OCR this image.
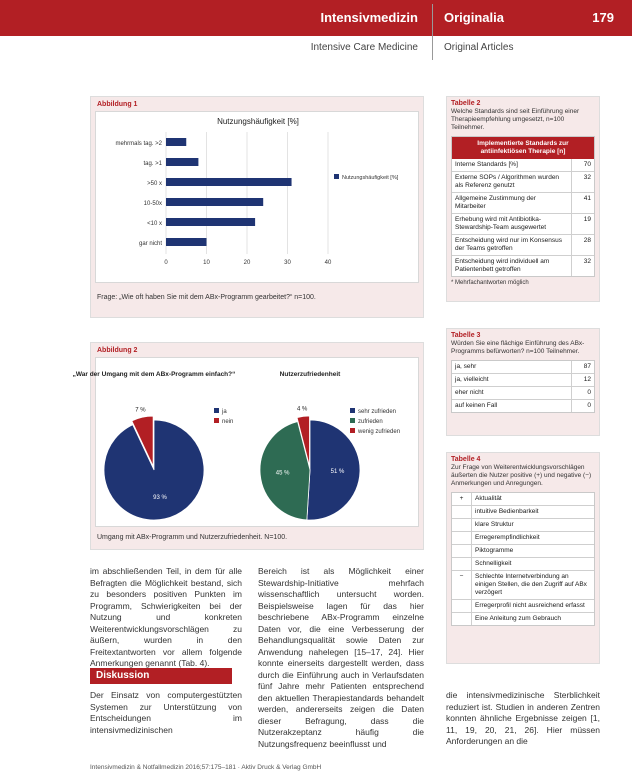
Intensivmedizin Originalia	179
Intensive Care Medicine	Original Articles
Abbildung 1
Nutzungshäufigkeit [%]
0	10	20	30	40
mehrmals tag. >2
tag. >1
>50 x
10-50x
<10 x
gar nicht
Nutzungshäufigkeit [%]
Frage: „Wie oft haben Sie mit dem ABx-Programm gearbeitet?“ n=100.
Abbildung 2
„War der Umgang mit dem ABx-Programm einfach?“
93 %
7 %	ja
nein
Nutzerzufriedenheit
51 %
45 %
4 %	sehr zufrieden
zufrieden
wenig zufrieden
Umgang mit ABx-Programm und Nutzerzufriedenheit. N=100.
Tabelle 2
Welche Standards sind seit Einführung einer Therapieempfehlung umgesetzt, n=100 Teilnehmer.
Implementierte Standards zur antiinfektiösen Therapie [n]
Interne Standards [%]	70
Externe SOPs / Algorithmen wurden als Referenz genutzt
32
Allgemeine Zustimmung der Mitarbeiter
41
Erhebung wird mit Antibiotika-Stewardship-Team ausgewertet
19
Entscheidung wird nur im Konsensus der Teams getroffen
28
Entscheidung wird individuell am Patientenbett getroffen
32
* Mehrfachantworten möglich
Tabelle 3
Würden Sie eine flächige Einführung des ABx-Programms befürworten? n=100 Teilnehmer.
ja, sehr	87
ja, vielleicht	12
eher nicht	0
auf keinen Fall	0
Tabelle 4
Zur Frage von Weiterentwicklungsvorschlägen äußerten die Nutzer positive (+) und negative (−) Anmerkungen und Anregungen.
+	Aktualität
intuitive Bedienbarkeit
klare Struktur
Erregerempfindlichkeit
Piktogramme
Schnelligkeit
−	Schlechte Internetverbindung an einigen Stellen, die den Zugriff auf ABx verzögert
Erregerprofil nicht ausreichend erfasst
Eine Anleitung zum Gebrauch
im abschließenden Teil, in dem für alle Befragten die Möglichkeit bestand, sich zu besonders positiven Punkten im Programm, Schwierigkeiten bei der Nutzung und konkreten Weiterentwicklungsvorschlägen zu äußern, wurden in den Freitextantworten vor allem folgende Anmerkungen genannt (Tab. 4).
Diskussion
Der Einsatz von computergestützten Systemen zur Unterstützung von Entscheidungen im intensivmedizinischen
Bereich ist als Möglichkeit einer Stewardship-Initiative mehrfach wissenschaftlich untersucht worden. Beispielsweise lagen für das hier beschriebene ABx-Programm einzelne Daten vor, die eine Verbesserung der Behandlungsqualität sowie Daten zur Anwendung nahelegen [15–17, 24]. Hier konnte einerseits dargestellt werden, dass durch die Einführung auch in Verlaufsdaten fünf Jahre mehr Patienten entsprechend den aktuellen Therapiestandards behandelt werden, andererseits zeigen die Daten dieser Befragung, dass die Nutzerakzeptanz häufig die Nutzungsfrequenz beeinflusst und
die intensivmedizinische Sterblichkeit reduziert ist. Studien in anderen Zentren konnten ähnliche Ergebnisse zeigen [1, 11, 19, 20, 21, 26]. Hier müssen Anforderungen an die
Intensivmedizin & Notfallmedizin 2016;57:175–181 · Aktiv Druck & Verlag GmbH
